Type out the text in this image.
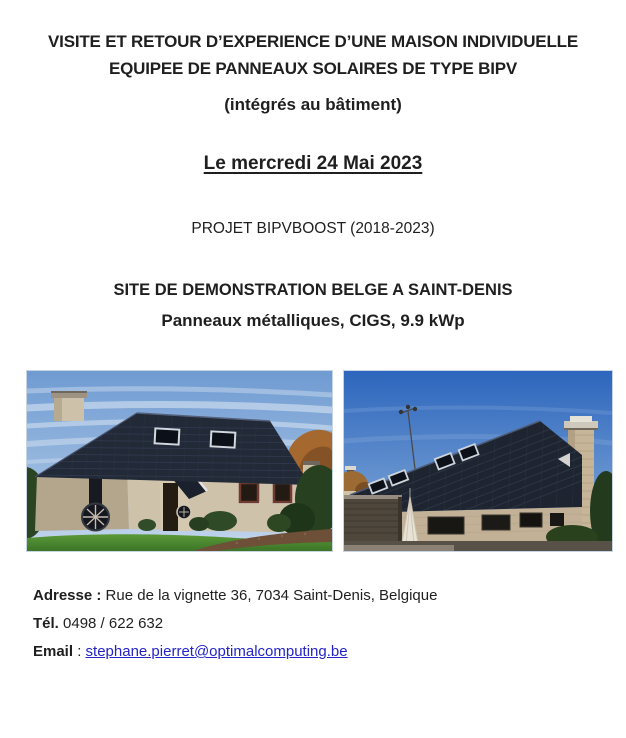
VISITE ET RETOUR D’EXPERIENCE D’UNE MAISON INDIVIDUELLE
EQUIPEE DE PANNEAUX SOLAIRES DE TYPE BIPV

(intégrés au bâtiment)

Le mercredi 24 Mai 2023

PROJET BIPVBOOST (2018-2023)

SITE DE DEMONSTRATION BELGE A SAINT-DENIS

Panneaux métalliques, CIGS, 9.9 kWp

Adresse : Rue de la vignette 36, 7034 Saint-Denis, Belgique

Tél. 0498 / 622 632

Email : stephane.pierret@optimalcomputing.be
